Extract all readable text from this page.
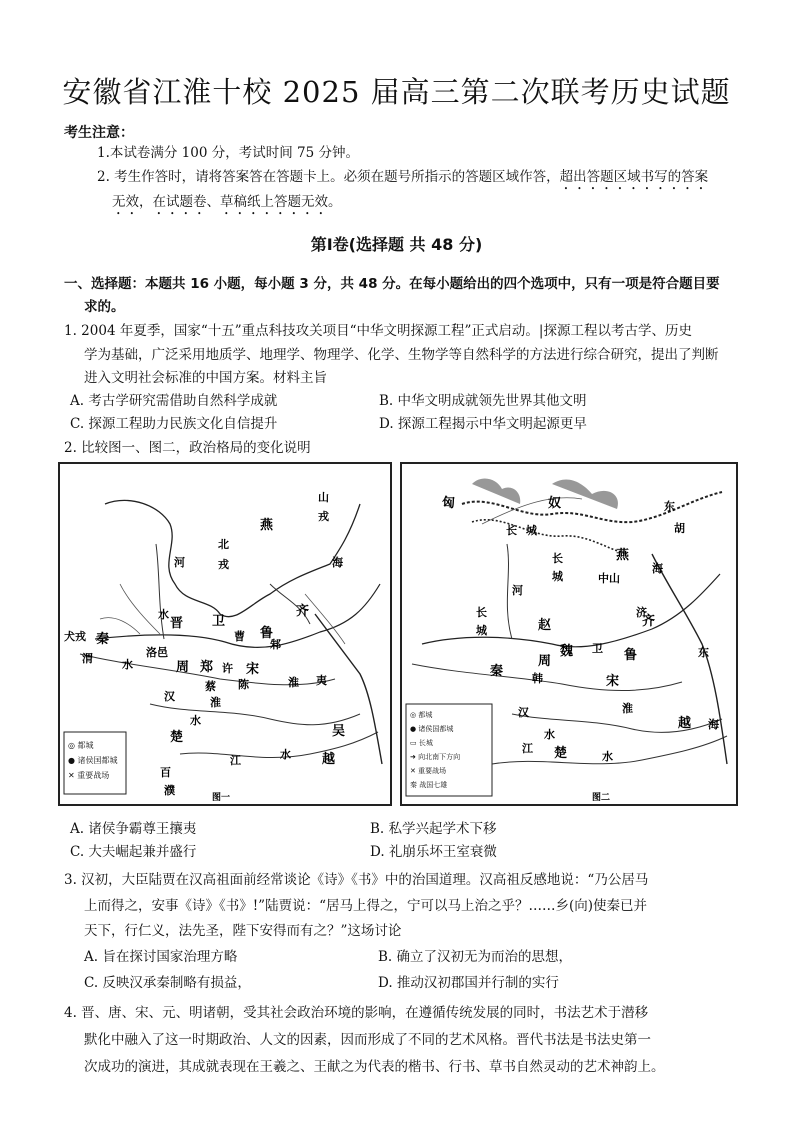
安徽省江淮十校 2025 届高三第二次联考历史试题
考生注意：
1.本试卷满分 100 分，考试时间 75 分钟。
2. 考生作答时，请将答案答在答题卡上。必须在题号所指示的答题区域作答，超出答题区域书写的答案
无效，在试题卷、草稿纸上答题无效。
第Ⅰ卷(选择题 共 48 分)
一、选择题：本题共 16 小题，每小题 3 分，共 48 分。在每小题给出的四个选项中，只有一项是符合题目要
求的。
1. 2004 年夏季，国家“十五”重点科技攻关项目“中华文明探源工程”正式启动。|探源工程以考古学、历史
学为基础，广泛采用地质学、地理学、物理学、化学、生物学等自然科学的方法进行综合研究，提出了判断
进入文明社会标准的中国方案。材料主旨
A. 考古学研究需借助自然科学成就	B. 中华文明成就领先世界其他文明
C. 探源工程助力民族文化自信提升	D. 探源工程揭示中华文明起源更早
2. 比较图一、图二，政治格局的变化说明
山
戎
燕
北
戎
河	海
齐
卫
晋
鲁
曹
邾
犬戎 秦
渭	水
洛邑
周 郑 许 宋
蔡	淮 夷
陈
汉
楚	吴
越
百
濮
江	水
水
水
淮
◎ 都城
● 诸侯国都城
✕ 重要战场
图一
匈	奴	东
胡
长 城
燕
赵	齐
秦
周
韩
魏
宋
鲁
楚
越
卫
中山
河
海
淮
江
汉
水
水
济
东
海
长
城
长
城
◎ 都城
● 诸侯国都城
▭ 长城
➜ 向北南下方向
✕ 重要战场
秦 战国七雄
图二
A. 诸侯争霸尊王攘夷	B. 私学兴起学术下移
C. 大夫崛起兼并盛行	D. 礼崩乐坏王室衰微
3. 汉初，大臣陆贾在汉高祖面前经常谈论《诗》《书》中的治国道理。汉高祖反感地说：“乃公居马
上而得之，安事《诗》《书》!”陆贾说：“居马上得之，宁可以马上治之乎？……乡(向)使秦已并
天下，行仁义，法先圣，陛下安得而有之？”这场讨论
A. 旨在探讨国家治理方略	B. 确立了汉初无为而治的思想，
C. 反映汉承秦制略有损益，	D. 推动汉初郡国并行制的实行
4. 晋、唐、宋、元、明诸朝，受其社会政治环境的影响，在遵循传统发展的同时，书法艺术于潜移
默化中融入了这一时期政治、人文的因素，因而形成了不同的艺术风格。晋代书法是书法史第一
次成功的演进，其成就表现在王羲之、王献之为代表的楷书、行书、草书自然灵动的艺术神韵上。
